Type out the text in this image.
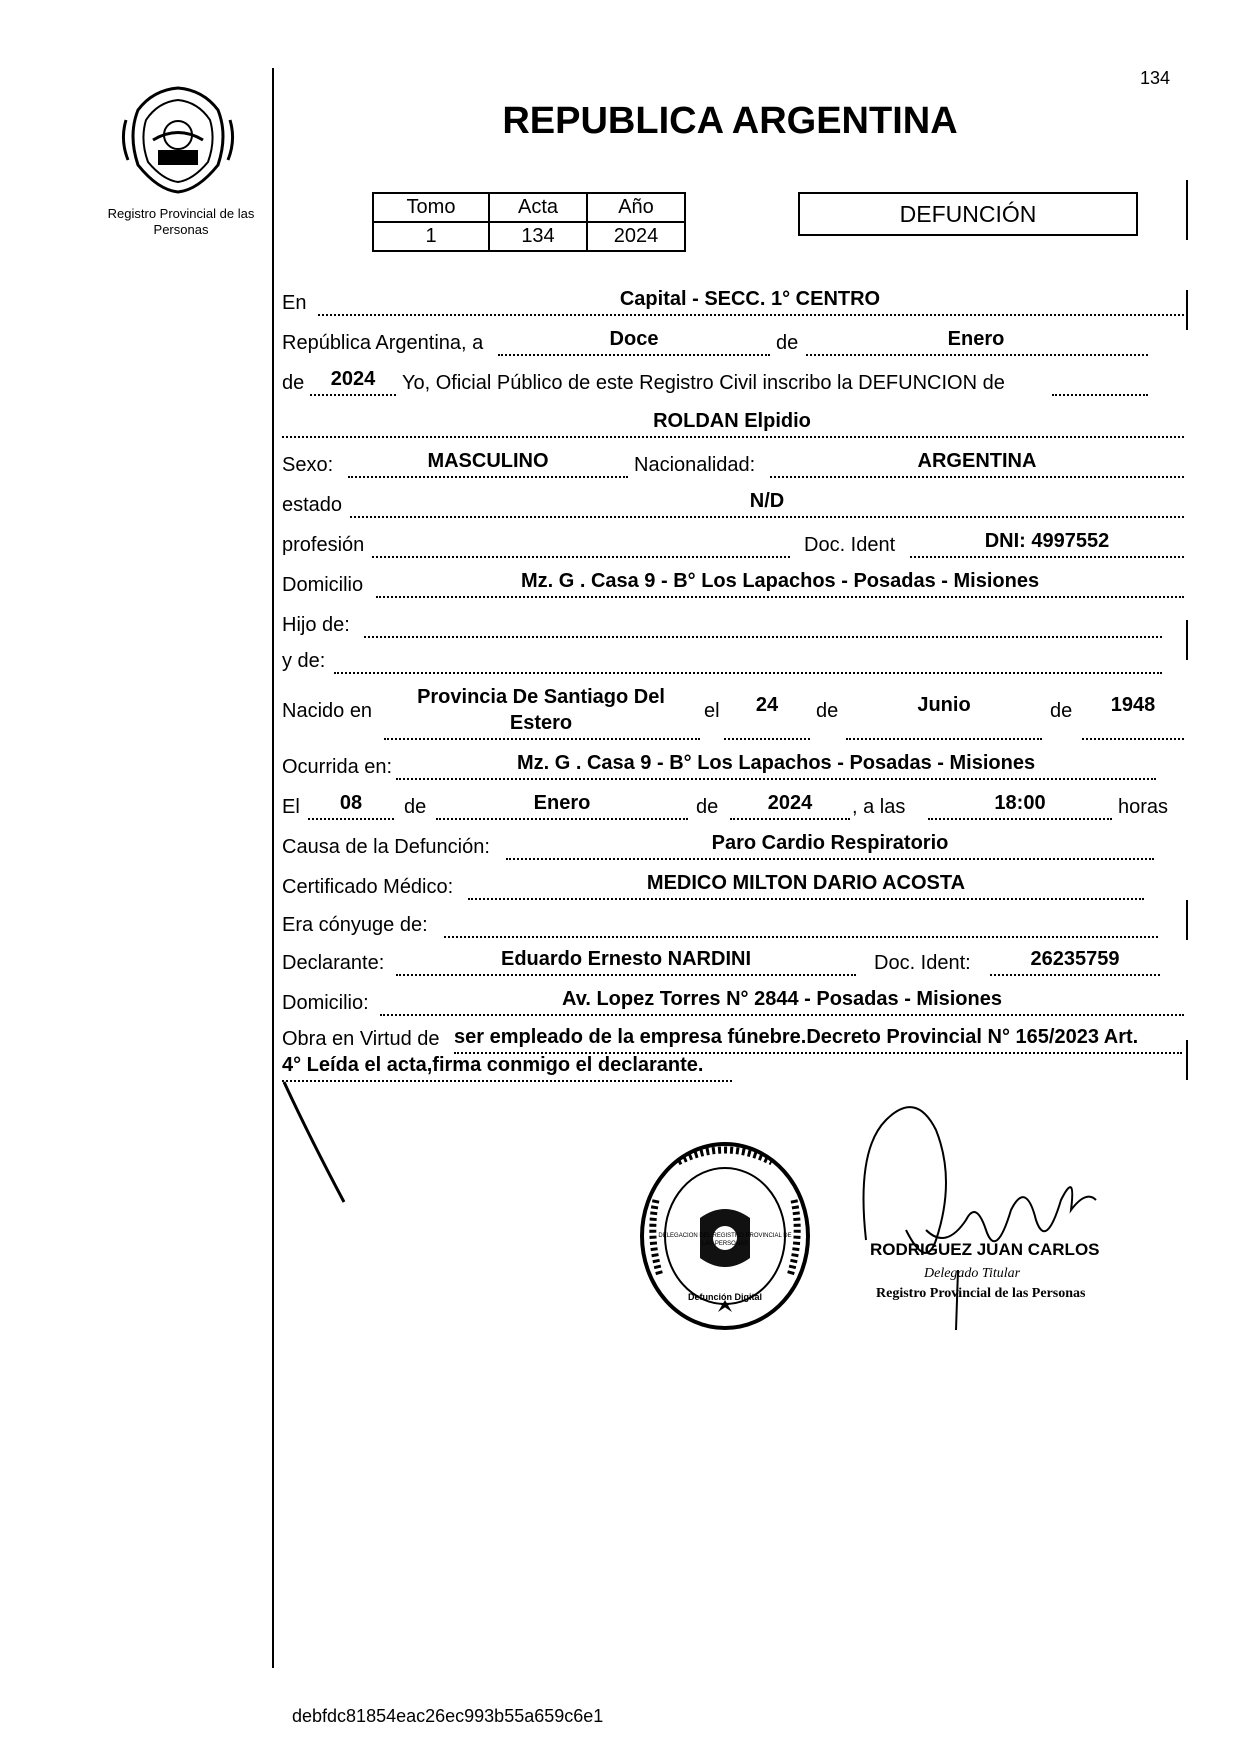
134
Registro Provincial de las Personas
REPUBLICA ARGENTINA
Tomo	Acta	Año
1	134	2024
DEFUNCIÓN
En	Capital - SECC. 1° CENTRO
República Argentina, a	Doce	de	Enero
de	2024	Yo, Oficial Público de este Registro Civil inscribo la DEFUNCION de
ROLDAN Elpidio
Sexo:	MASCULINO	Nacionalidad:	ARGENTINA
estado	N/D
profesión	Doc. Ident	DNI: 4997552
Domicilio	Mz. G . Casa 9 - B° Los Lapachos - Posadas - Misiones
Hijo de:
y de:
Nacido en
Provincia De Santiago Del
Estero
el	24	de	Junio	de	1948
Ocurrida en:	Mz. G . Casa 9 - B° Los Lapachos - Posadas - Misiones
El	08	de	Enero	de	2024	, a las	18:00	horas
Causa de la Defunción:	Paro Cardio Respiratorio
Certificado Médico:	MEDICO MILTON DARIO ACOSTA
Era cónyuge de:
Declarante:	Eduardo Ernesto NARDINI	Doc. Ident:	26235759
Domicilio:	Av. Lopez Torres N° 2844 - Posadas - Misiones
Obra en Virtud de ser empleado de la empresa fúnebre.Decreto Provincial N° 165/2023 Art.
4° Leída el acta,firma conmigo el declarante.
Defunción Digital
DELEGACION DEL REGISTRO PROVINCIAL DE LAS PERSONAS	RODRIGUEZ JUAN CARLOS
Delegado Titular
Registro Provincial de las Personas
debfdc81854eac26ec993b55a659c6e1
